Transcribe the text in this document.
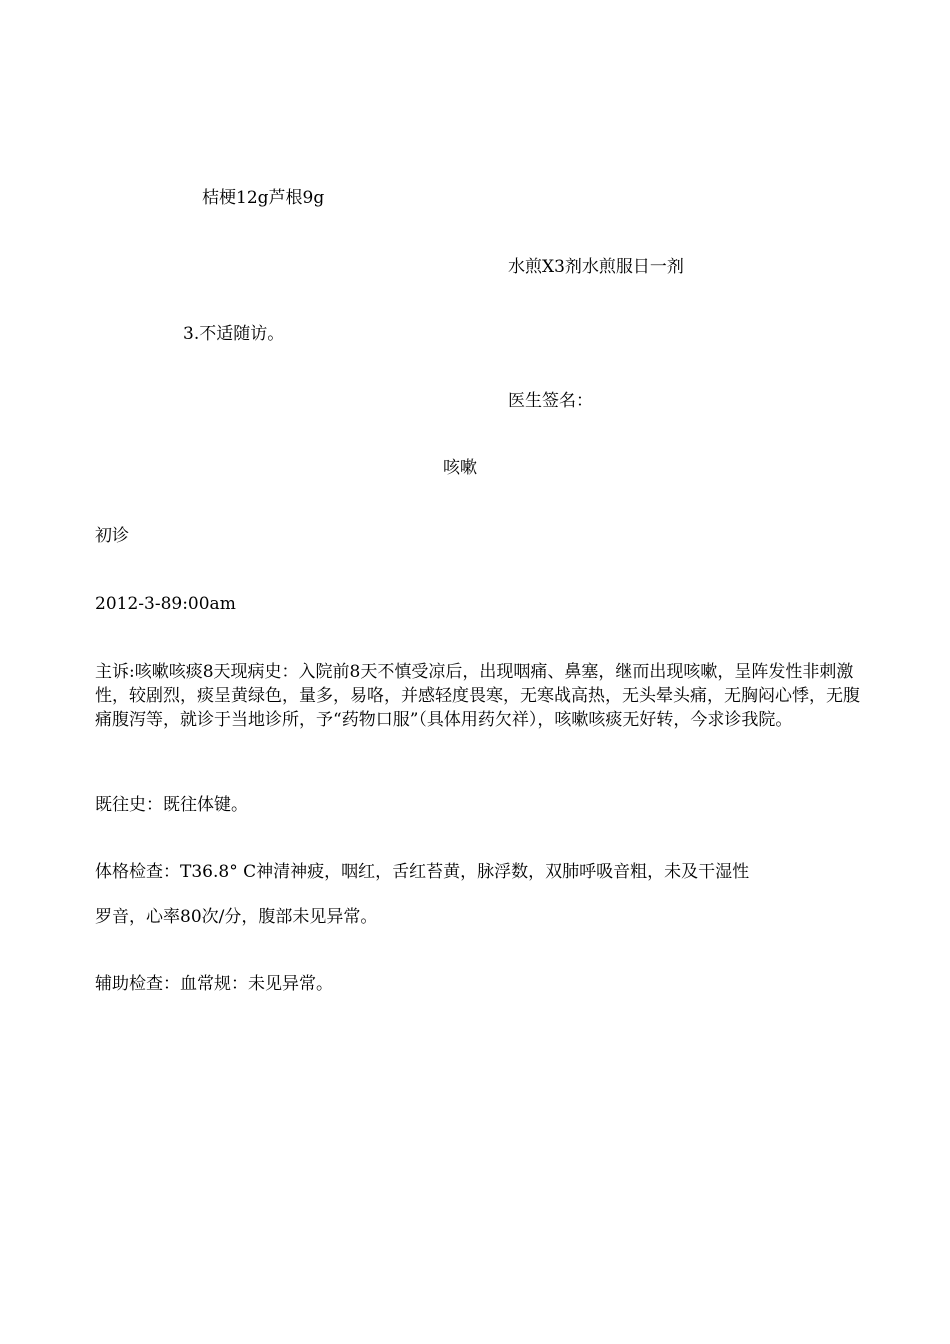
桔梗12g芦根9g
水煎X3剂水煎服日一剂
3.不适随访。
医生签名：
咳嗽
初诊
2012-3-89:00am
主诉:咳嗽咳痰8天现病史：入院前8天不慎受凉后，出现咽痛、鼻塞，继而出现咳嗽，呈阵发性非刺激性，较剧烈，痰呈黄绿色，量多，易咯，并感轻度畏寒，无寒战高热，无头晕头痛，无胸闷心悸，无腹痛腹泻等，就诊于当地诊所，予“药物口服”（具体用药欠祥），咳嗽咳痰无好转，今求诊我院。
既往史：既往体键。
体格检查：T36.8° C神清神疲，咽红，舌红苔黄，脉浮数，双肺呼吸音粗，未及干湿性
罗音，心率80次/分，腹部未见异常。
辅助检查：血常规：未见异常。
